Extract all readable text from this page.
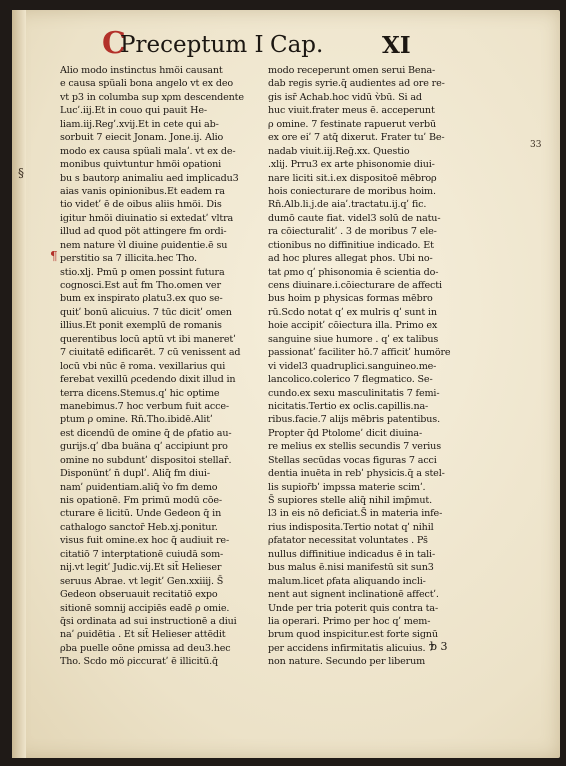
C
Preceptum I Cap.	XI
§
¶
33
Alio modo instinctus hmöi causant
e causa spüali bona angelo vt ex deo
vt p3 in columba sup xρm descendente
Lucʹ.iij.Et in couo qui pauit He-
liam.iij.Regʹ.xvij.Et in cete qui ab-
sorbuit 7 eiecit Jonam. Jone.ij. Alio
modo ex causa spüali malaʹ. vt ex de-
monibus quivtuntur hmöi opationi
bu s bautorρ animaliu aed implicadu3
aias vanis opinionibus.Et eadem ra
tio videtʹ ē de oibus aliis hmöi. Dis
igitur hmöi diuinatio si extedatʹ vltra
illud ad quod pöt attingere fm ordi-
nem nature v̀l diuine ρuidentie.ē su
perstitio sa 7 illicita.hec Tho.
stio.xlj. Pmū p omen possint futura
cognosci.Est aut̄ fm Tho.omen ver
bum ex inspirato ρlatu3.ex quo se-
quitʹ bonū alicuius. 7 tūc dicitʹ omen
illius.Et ponit exemplū de romanis
querentibus locū aptū vt ibi maneretʹ
7 ciuitatē edificarēt. 7 cū venissent ad
locū vbi nūc ē roma. vexillarius qui
ferebat vexillū ρcedendo dixit illud in
terra dicens.Stemus.qʹ hic optime
manebimus.7 hoc verbum fuit acce-
ptum ρ omine. Rn̄.Tho.ibidē.Alitʹ
est dicendū de omine q̄ de ρfatio au-
gurijs.qʹ dba buäna qʹ accipiunt pro
omine no subduntʹ dispositoi stellar̄.
Disponüntʹ n̄ duplʹ. Aliq̄ fm diui-
namʹ ρuidentiam.aliq̄ v̀o fm demo
nis opationē. Fm primū modū cōe-
cturare ē licitū. Unde Gedeon q̄ in
cathalogo sanctor̄ Heb.xj.ponitur.
visus fuit omine.ex hoc q̄ audiuit re-
citatiō 7 interptationē cuiudā som-
nij.vt legitʹ Judic.vij.Et sit̄ Helieser
seruus Abrae. vt legitʹ Gen.xxiiij. S̄
Gedeon obseruauit recitatiō expo
sitionē somnij accipiēs eadē ρ omie.
q̄si ordinata ad sui instructionē a diui
naʹ ρuidētia . Et sit̄ Helieser attēdit
ρba puelle oōne ρmissa ad deu3.hec
Tho. Scdo mö ρiccuratʹ ē illicitū.q̄
modo receperunt omen serui Bena-
dab regis syrie.q̄ audientes ad ore re-
gis isr̄ Achab.hoc vidū v̀bū. Si ad
huc viuit.frater meus ē. acceperunt
ρ omine. 7 festinate rapuerut verbū
ex ore eiʹ 7 atq̄ dixerut. Frater tuʹ Be-
nadab viuit.iij.Reḡ.xx. Questio
.xlij. Prru3 ex arte phisonomie diui-
nare liciti sit.i.ex dispositoē mēbroρ
hois coniecturare de moribus hoim.
Rn̄.Alb.li.j.de aiaʹ.tractatu.ij.qʹ fic.
dumō caute fiat. videl3 solū de natu-
ra cōiecturalitʹ . 3 de moribus 7 ele-
ctionibus no diffinitiue indicado. Et
ad hoc plures allegat phos. Ubi no-
tat ρmo qʹ phisonomia ē scientia do-
cens diuinare.i.cōiecturare de affecti
bus hoim p physicas formas mēbro
rū.Scdo notat qʹ ex mulris qʹ sunt in
hoie accipitʹ cōiectura illa. Primo ex
sanguine siue humore . qʹ ex talibus
passionatʹ faciliter hō.7 afficitʹ humöre
vi videl3 quadruplici.sanguineo.me-
lancolico.colerico 7 flegmatico. Se-
cundo.ex sexu masculinitatis 7 femi-
nicitatis.Tertio ex oclis.capillis.na-
ribus.facie.7 alijs mēbris patentibus.
Propter q̄d Ptolomeʹ dicit diuina-
re melius ex stellis secundis 7 verius
Stellas secūdas vocas figuras 7 acci
dentia inuēta in rebʹ physicis.q̄ a stel-
lis supior̄bʹ impssa materie scimʹ.
S̄ supiores stelle aliq̄ nihil imp̄mut.
l3 in eis nō deficiat.S̄ in materia infe-
rius indisposita.Tertio notat qʹ nihil
ρfatator necessitat voluntates . Ps̄
nullus diffinitiue indicadus ē in tali-
bus malus ē.nisi manifestū sit sun3
malum.licet ρfata aliquando incli-
nent aut signent inclinationē affectʹ.
Unde per tria poterit quis contra ta-
lia operari. Primo per hoc qʹ mem-
brum quod inspicitur.est forte signū
per accidens infirmitatis alicuius. 7
non nature. Secundo per liberum
b 3
